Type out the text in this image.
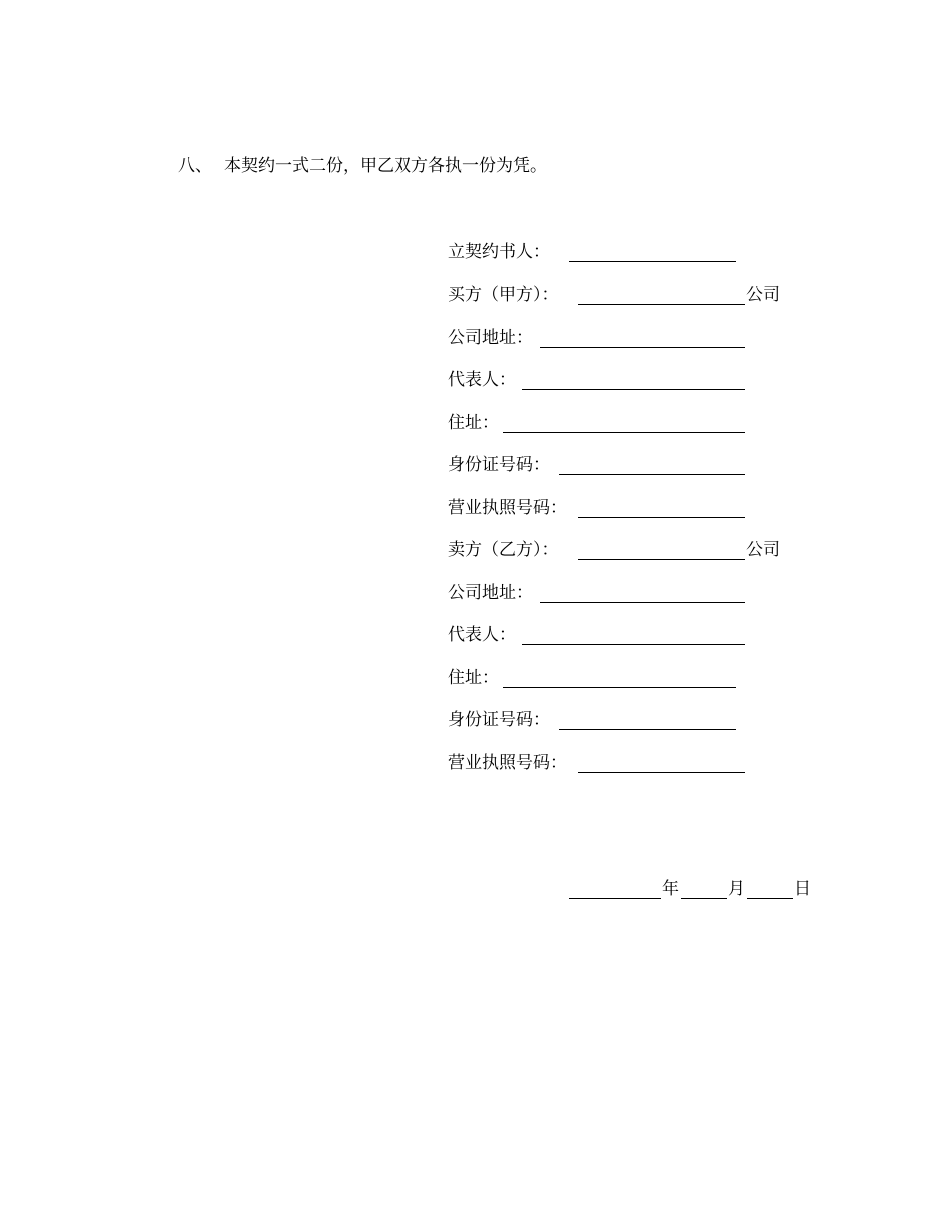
八、 本契约一式二份，甲乙双方各执一份为凭。
立契约书人：
买方（甲方）：	公司
公司地址：
代表人：
住址：
身份证号码：
营业执照号码：
卖方（乙方）：	公司
公司地址：
代表人：
住址：
身份证号码：
营业执照号码：
年	月	日
